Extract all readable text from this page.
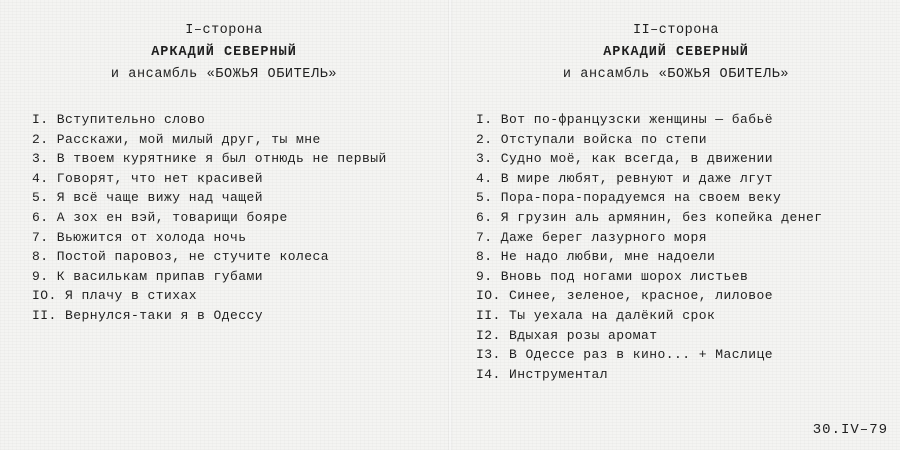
I–сторона
АРКАДИЙ СЕВЕРНЫЙ
и ансамбль «БОЖЬЯ ОБИТЕЛЬ»
I. Вступительно слово
2. Расскажи, мой милый друг, ты мне
3. В твоем курятнике я был отнюдь не первый
4. Говорят, что нет красивей
5. Я всё чаще вижу над чащей
6. А зох ен вэй, товарищи бояре
7. Вьюжится от холода ночь
8. Постой паровоз, не стучите колеса
9. К василькам припав губами
IO. Я плачу в стихах
II. Вернулся-таки я в Одессу
II–сторона
АРКАДИЙ СЕВЕРНЫЙ
и ансамбль «БОЖЬЯ ОБИТЕЛЬ»
I. Вот по-французски женщины — бабьё
2. Отступали войска по степи
3. Судно моё, как всегда, в движении
4. В мире любят, ревнуют и даже лгут
5. Пора-пора-порадуемся на своем веку
6. Я грузин аль армянин, без копейка денег
7. Даже берег лазурного моря
8. Не надо любви, мне надоели
9. Вновь под ногами шорох листьев
IO. Синее, зеленое, красное, лиловое
II. Ты уехала на далёкий срок
I2. Вдыхая розы аромат
I3. В Одессе раз в кино... + Маслице
I4. Инструментал
30.IV–79
